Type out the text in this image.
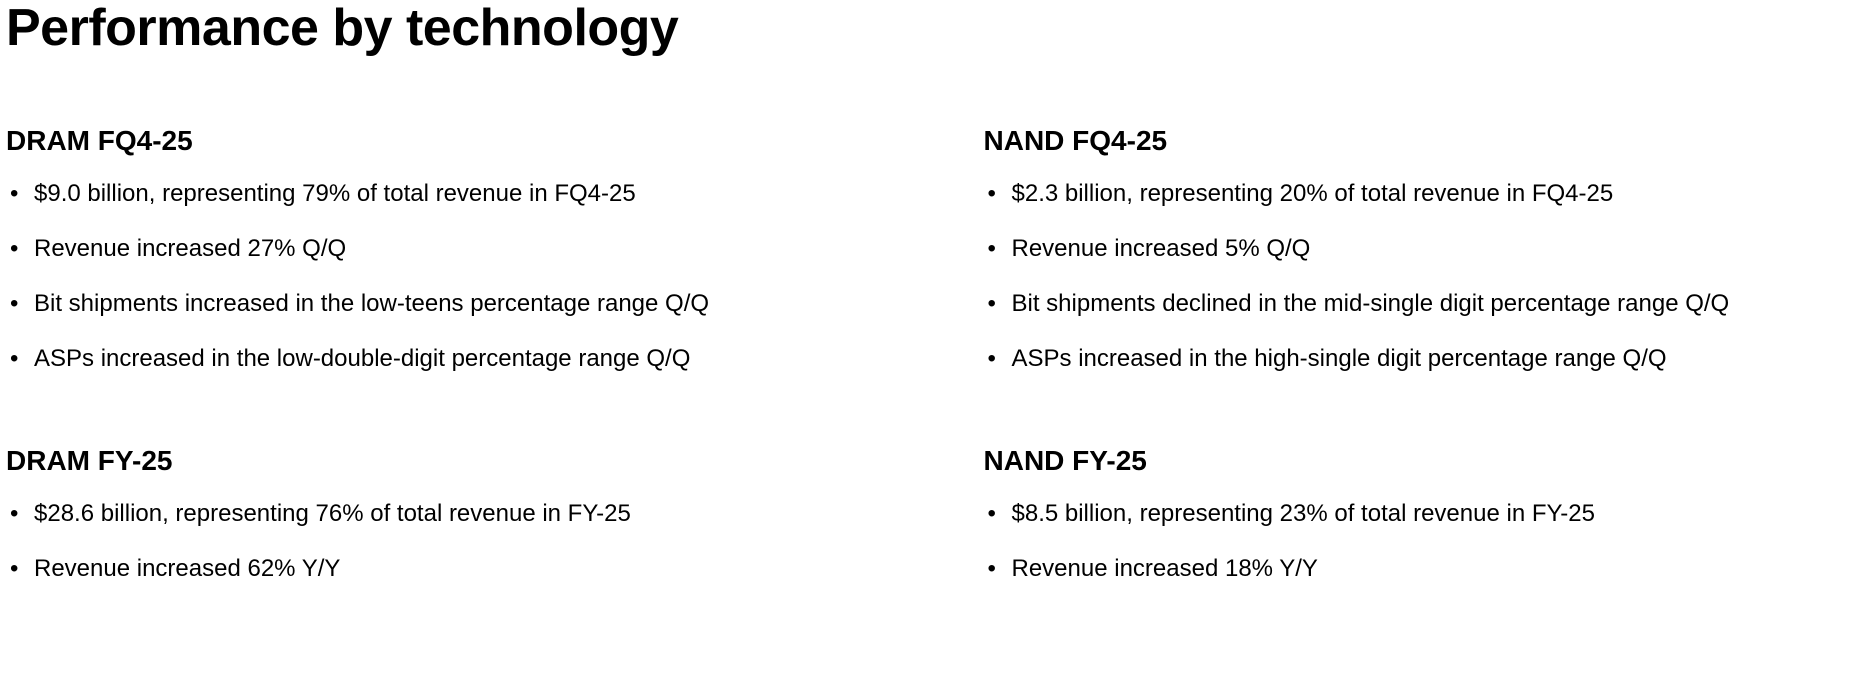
Performance by technology
DRAM FQ4-25
• $9.0 billion, representing 79% of total revenue in FQ4-25
• Revenue increased 27% Q/Q
• Bit shipments increased in the low-teens percentage range Q/Q
• ASPs increased in the low-double-digit percentage range Q/Q
DRAM FY-25
• $28.6 billion, representing 76% of total revenue in FY-25
• Revenue increased 62% Y/Y
NAND FQ4-25
• $2.3 billion, representing 20% of total revenue in FQ4-25
• Revenue increased 5% Q/Q
• Bit shipments declined in the mid-single digit percentage range Q/Q
• ASPs increased in the high-single digit percentage range Q/Q
NAND FY-25
• $8.5 billion, representing 23% of total revenue in FY-25
• Revenue increased 18% Y/Y
